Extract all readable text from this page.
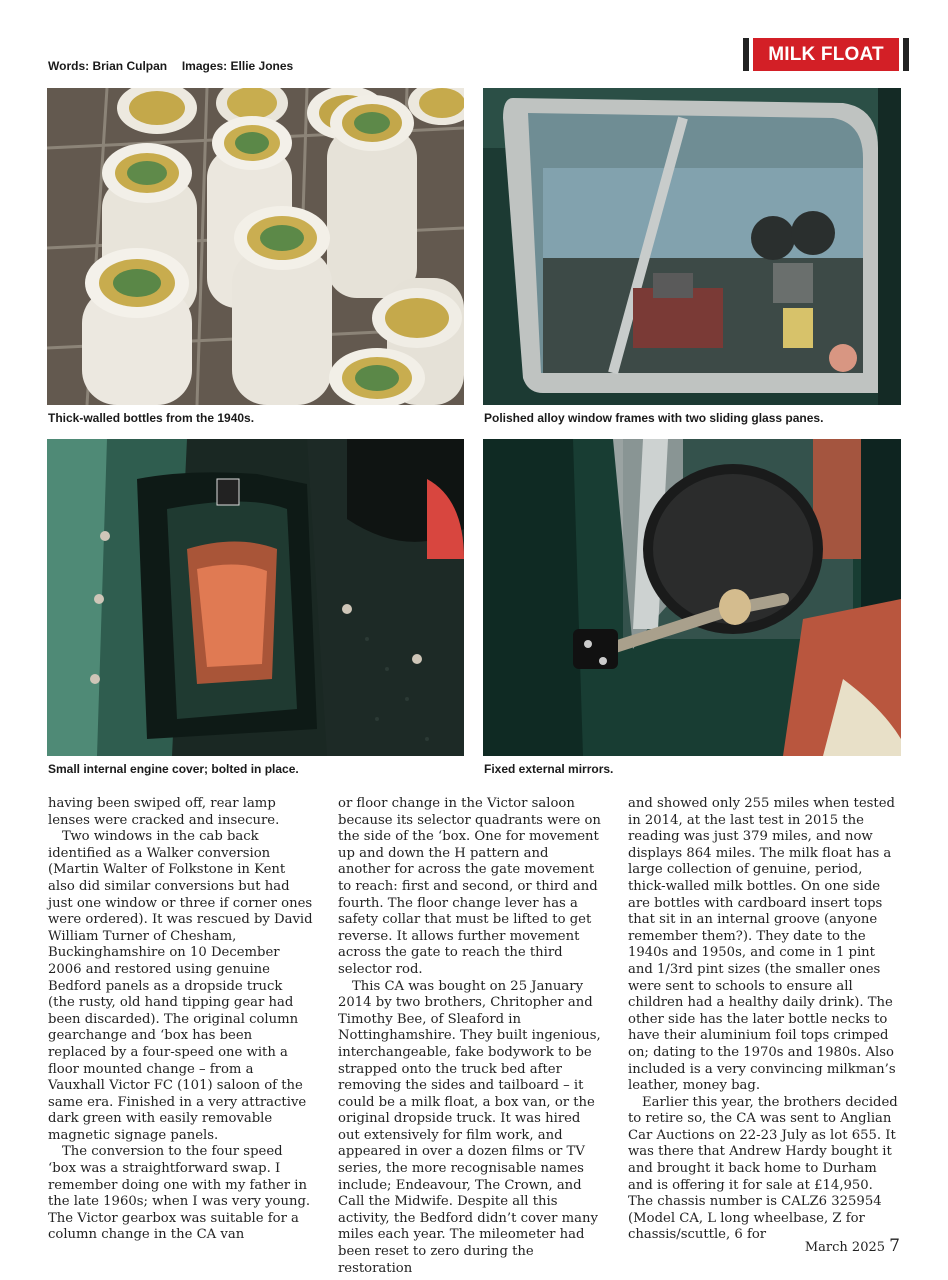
Words: Brian Culpan Images: Ellie Jones
MILK FLOAT
Thick-walled bottles from the 1940s.	Polished alloy window frames with two sliding glass panes.
Small internal engine cover; bolted in place.	Fixed external mirrors.

having been swiped off, rear lamp lenses were cracked and insecure.

Two windows in the cab back identified as a Walker conversion (Martin Walter of Folkstone in Kent also did similar conversions but had just one window or three if corner ones were ordered). It was rescued by David William Turner of Chesham, Buckinghamshire on 10 December 2006 and restored using genuine Bedford panels as a dropside truck (the rusty, old hand tipping gear had been discarded). The original column gearchange and ‘box has been replaced by a four-speed one with a floor mounted change – from a Vauxhall Victor FC (101) saloon of the same era. Finished in a very attractive dark green with easily removable magnetic signage panels.

The conversion to the four speed ‘box was a straightforward swap. I remember doing one with my father in the late 1960s; when I was very young. The Victor gearbox was suitable for a column change in the CA van

or floor change in the Victor saloon because its selector quadrants were on the side of the ‘box. One for movement up and down the H pattern and another for across the gate movement to reach: first and second, or third and fourth. The floor change lever has a safety collar that must be lifted to get reverse. It allows further movement across the gate to reach the third selector rod.

This CA was bought on 25 January 2014 by two brothers, Chritopher and Timothy Bee, of Sleaford in Nottinghamshire. They built ingenious, interchangeable, fake bodywork to be strapped onto the truck bed after removing the sides and tailboard – it could be a milk float, a box van, or the original dropside truck. It was hired out extensively for film work, and appeared in over a dozen films or TV series, the more recognisable names include; Endeavour, The Crown, and Call the Midwife. Despite all this activity, the Bedford didn’t cover many miles each year. The mileometer had been reset to zero during the restoration

and showed only 255 miles when tested in 2014, at the last test in 2015 the reading was just 379 miles, and now displays 864 miles. The milk float has a large collection of genuine, period, thick-walled milk bottles. On one side are bottles with cardboard insert tops that sit in an internal groove (anyone remember them?). They date to the 1940s and 1950s, and come in 1 pint and 1/3rd pint sizes (the smaller ones were sent to schools to ensure all children had a healthy daily drink). The other side has the later bottle necks to have their aluminium foil tops crimped on; dating to the 1970s and 1980s. Also included is a very convincing milkman’s leather, money bag.

Earlier this year, the brothers decided to retire so, the CA was sent to Anglian Car Auctions on 22-23 July as lot 655. It was there that Andrew Hardy bought it and brought it back home to Durham and is offering it for sale at £14,950. The chassis number is CALZ6 325954 (Model CA, L long wheelbase, Z for chassis/scuttle, 6 for

March 2025 7
